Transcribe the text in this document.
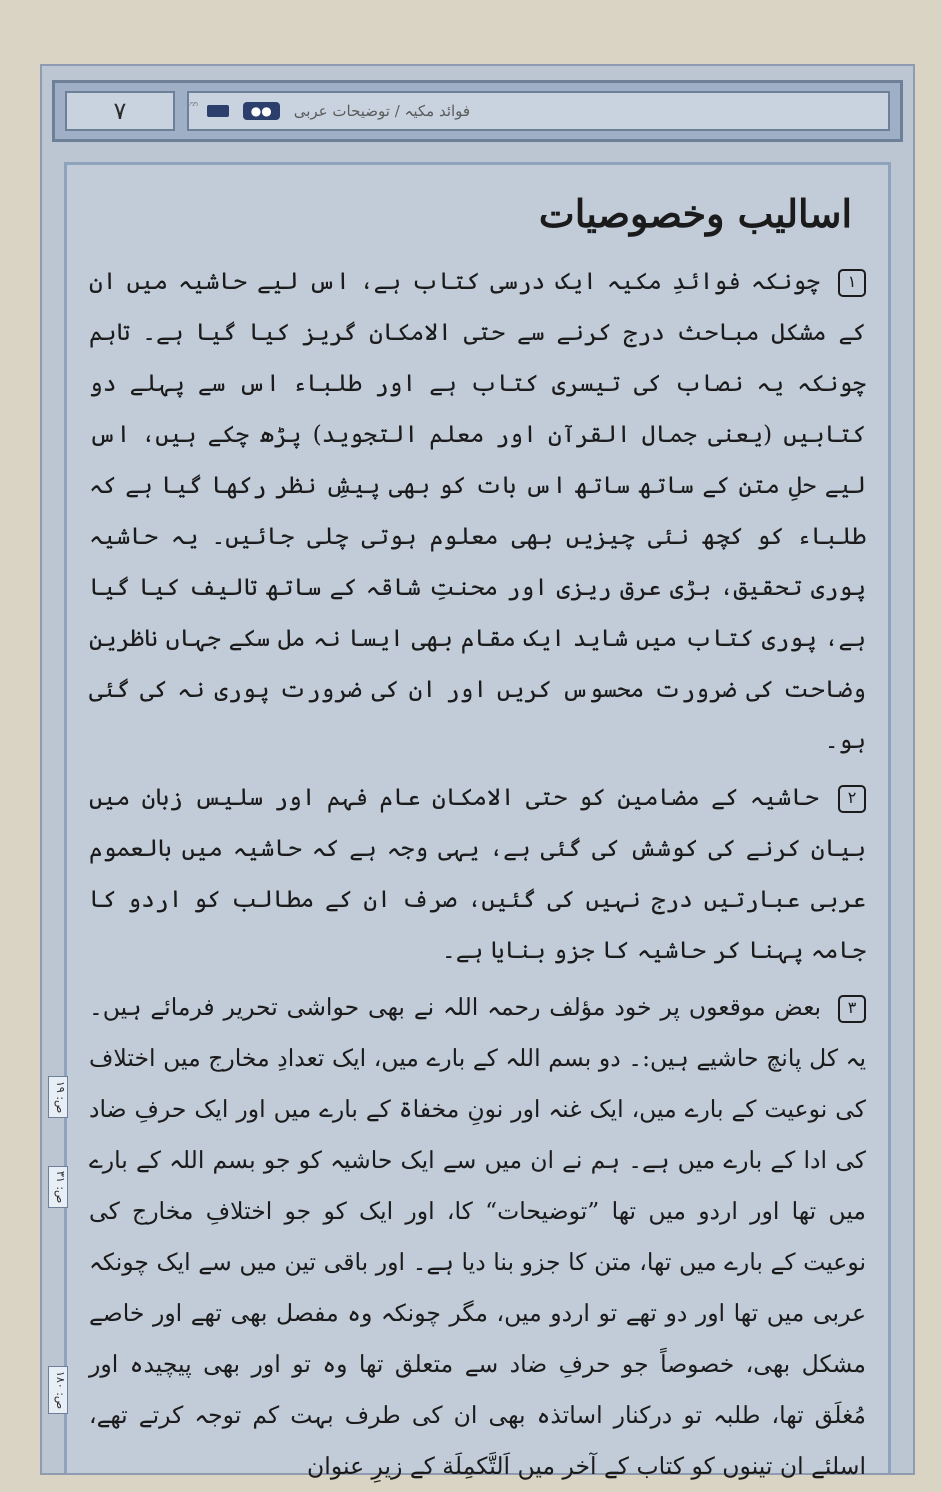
۷	فوائد مکیہ / توضیحات عربی
●●
ؒ ؒ
اسالیب وخصوصیات

۱ چونکہ فوائدِ مکیہ ایک درسی کتاب ہے، اس لیے حاشیہ میں ان کے مشکل مباحث درج کرنے سے حتی الامکان گریز کیا گیا ہے۔ تاہم چونکہ یہ نصاب کی تیسری کتاب ہے اور طلباء اس سے پہلے دو کتابیں (یعنی جمال القرآن اور معلم التجوید) پڑھ چکے ہیں، اس لیے حلِ متن کے ساتھ ساتھ اس بات کو بھی پیشِ نظر رکھا گیا ہے کہ طلباء کو کچھ نئی چیزیں بھی معلوم ہوتی چلی جائیں۔ یہ حاشیہ پوری تحقیق، بڑی عرق ریزی اور محنتِ شاقہ کے ساتھ تالیف کیا گیا ہے، پوری کتاب میں شاید ایک مقام بھی ایسا نہ مل سکے جہاں ناظرین وضاحت کی ضرورت محسوس کریں اور ان کی ضرورت پوری نہ کی گئی ہو۔

۲ حاشیہ کے مضامین کو حتی الامکان عام فہم اور سلیس زبان میں بیان کرنے کی کوشش کی گئی ہے، یہی وجہ ہے کہ حاشیہ میں بالعموم عربی عبارتیں درج نہیں کی گئیں، صرف ان کے مطالب کو اردو کا جامہ پہنا کر حاشیہ کا جزو بنایا ہے۔

۳ بعض موقعوں پر خود مؤلف رحمہ اللہ نے بھی حواشی تحریر فرمائے ہیں۔ یہ کل پانچ حاشیے ہیں:۔ دو بسم اللہ کے بارے میں، ایک تعدادِ مخارج میں اختلاف کی نوعیت کے بارے میں، ایک غنہ اور نونِ مخفاۃ کے بارے میں اور ایک حرفِ ضاد کی ادا کے بارے میں ہے۔ ہم نے ان میں سے ایک حاشیہ کو جو بسم اللہ کے بارے میں تھا اور اردو میں تھا ”توضیحات“ کا، اور ایک کو جو اختلافِ مخارج کی نوعیت کے بارے میں تھا، متن کا جزو بنا دیا ہے۔ اور باقی تین میں سے ایک چونکہ عربی میں تھا اور دو تھے تو اردو میں، مگر چونکہ وہ مفصل بھی تھے اور خاصے مشکل بھی، خصوصاً جو حرفِ ضاد سے متعلق تھا وہ تو اور بھی پیچیدہ اور مُغلَق تھا، طلبہ تو درکنار اساتذہ بھی ان کی طرف بہت کم توجہ کرتے تھے، اسلئے ان تینوں کو کتاب کے آخر میں اَلتَّکمِلَة کے زیرِ عنوان

ص: ۱۹
ص: ۳۱
ص: ۱۸۰
